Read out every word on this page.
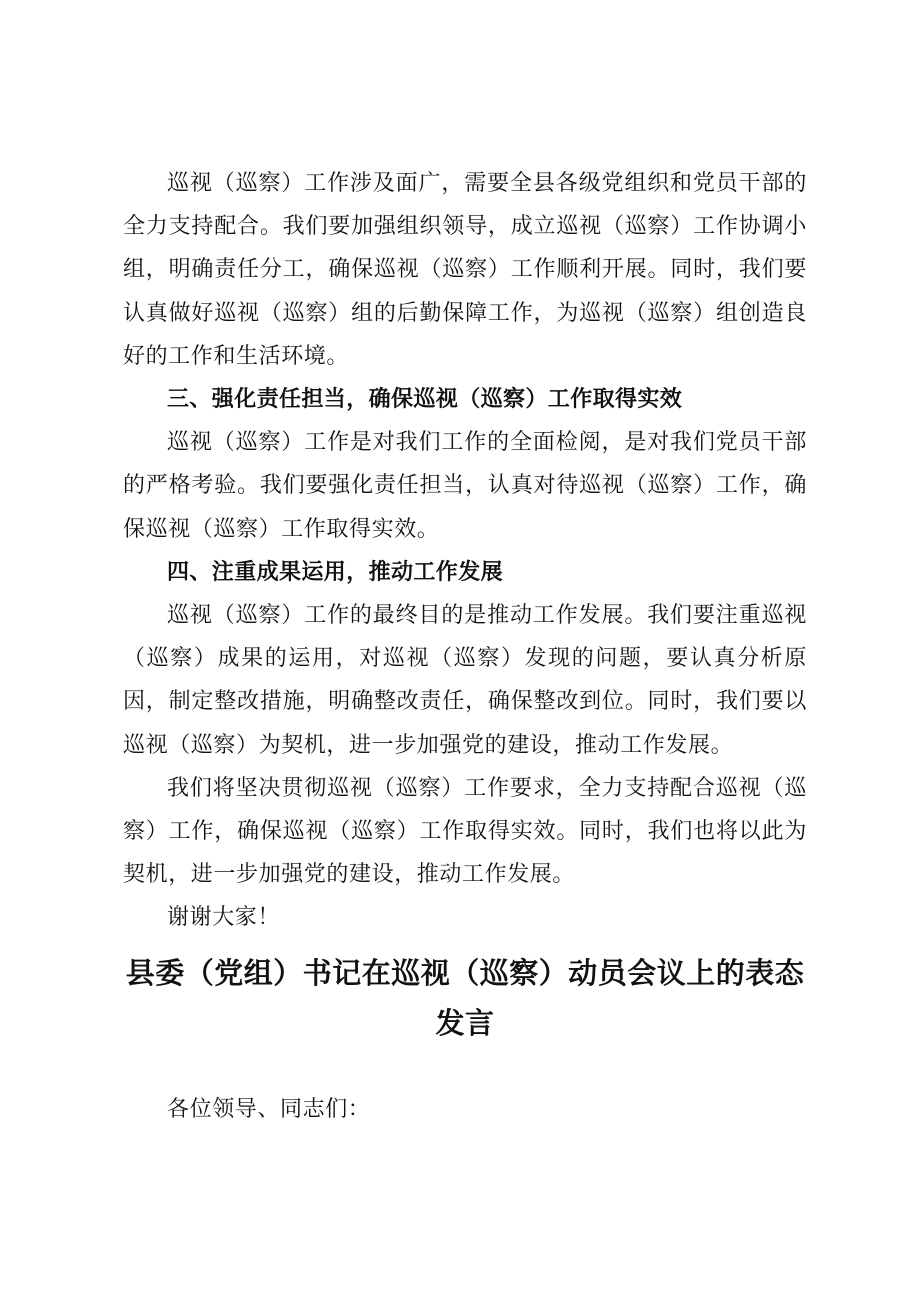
巡视（巡察）工作涉及面广，需要全县各级党组织和党员干部的全力支持配合。我们要加强组织领导，成立巡视（巡察）工作协调小组，明确责任分工，确保巡视（巡察）工作顺利开展。同时，我们要认真做好巡视（巡察）组的后勤保障工作，为巡视（巡察）组创造良好的工作和生活环境。

三、强化责任担当，确保巡视（巡察）工作取得实效

巡视（巡察）工作是对我们工作的全面检阅，是对我们党员干部的严格考验。我们要强化责任担当，认真对待巡视（巡察）工作，确保巡视（巡察）工作取得实效。

四、注重成果运用，推动工作发展

巡视（巡察）工作的最终目的是推动工作发展。我们要注重巡视（巡察）成果的运用，对巡视（巡察）发现的问题，要认真分析原因，制定整改措施，明确整改责任，确保整改到位。同时，我们要以巡视（巡察）为契机，进一步加强党的建设，推动工作发展。

我们将坚决贯彻巡视（巡察）工作要求，全力支持配合巡视（巡察）工作，确保巡视（巡察）工作取得实效。同时，我们也将以此为契机，进一步加强党的建设，推动工作发展。

谢谢大家！

县委（党组）书记在巡视（巡察）动员会议上的表态发言

各位领导、同志们：
